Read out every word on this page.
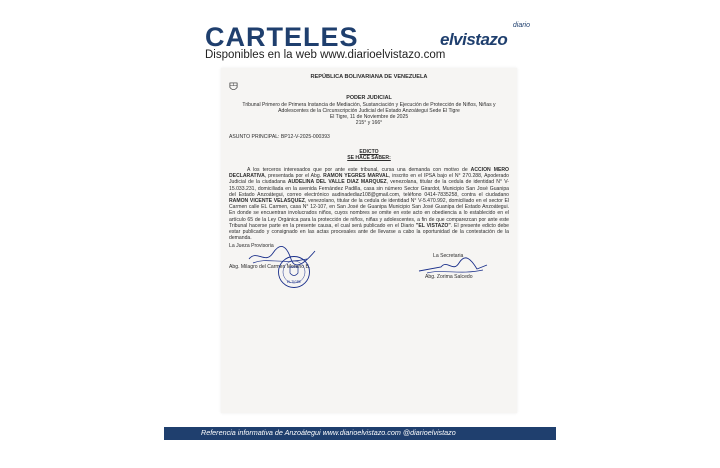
CARTELES
Disponibles en la web www.diarioelvistazo.com
diario
elvistazo
REPÚBLICA BOLIVARIANA DE VENEZUELA
PODER JUDICIAL
Tribunal Primero de Primera Instancia de Mediación, Sustanciación y Ejecución de Protección de Niños, Niñas y Adolescentes de la Circunscripción Judicial del Estado Anzoátegui Sede El Tigre
El Tigre, 11 de Noviembre de 2025
215° y 166°
ASUNTO PRINCIPAL: BP12-V-2025-000393
EDICTO
SE HACE SABER:
A los terceros interesados que por ante este tribunal, cursa una demanda con motivo de ACCION MERO DECLARATIVA, presentada por el Abg. RAMON YEGRES MARVAL, inscrito en el IPSA bajo el N° 270.288, Apoderado Judicial de la ciudadana AUDELINA DEL VALLE DIAZ MARQUEZ, venezolana, titular de la cedula de identidad N° V-15.033.231, domiciliada en la avenida Fernández Padilla, casa sin número Sector Girardot, Municipio San José Guanipa del Estado Anzoátegui, correo electrónico audinadediaz108@gmail.com, teléfono 0414-7835258, contra el ciudadano RAMON VICENTE VELASQUEZ, venezolano, titular de la cedula de identidad N° V-5.470.992, domiciliado en el sector El Carmen calle EL Carmen, casa N° 12-107, en San José de Guanipa Municipio San José Guanipa del Estado Anzoátegui. En donde se encuentran involucrados niños, cuyos nombres se omite en este acto en obediencia a lo establecido en el artículo 65 de la Ley Orgánica para la protección de niños, niñas y adolescentes, a fin de que comparezcan por ante este Tribunal hacerse parte en la presente causa, el cual será publicado en el Diario "EL VISTAZO". El presente edicto debe estar publicado y consignado en las actas procesales ante de llevarse a cabo la oportunidad de la contestación de la demanda.
La Jueza Provisoria
Abg. Milagro del Carmen Moreno B.
EL TIGRE
La Secretaria
Abg. Zorima Salcedo
Referencia informativa de Anzoátegui www.diarioelvistazo.com @diarioelvistazo
